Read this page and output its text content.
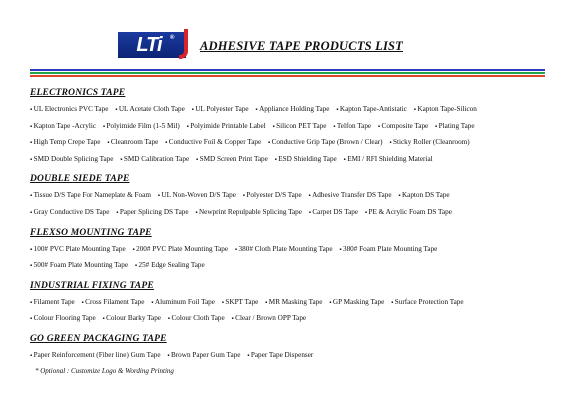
LTi ®
ADHESIVE TAPE PRODUCTS LIST
ELECTRONICS TAPE
▪ UL Electronics PVC Tape ▪ UL Acetate Cloth Tape ▪ UL Polyester Tape ▪ Appliance Holding Tape ▪ Kapton Tape-Antistatic ▪ Kapton Tape-Silicon
▪ Kapton Tape -Acrylic ▪ Polyimide Film (1-5 Mil) ▪ Polyimide Printable Label ▪ Silicon PET Tape ▪ Telfon Tape ▪ Composite Tape ▪ Plating Tape
▪ High Temp Crepe Tape ▪ Cleanroom Tape ▪ Conductive Foil & Copper Tape ▪ Conductive Grip Tape (Brown / Clear) ▪ Sticky Roller (Cleanroom)
▪ SMD Double Splicing Tape ▪ SMD Calibration Tape ▪ SMD Screen Print Tape ▪ ESD Shielding Tape ▪ EMI / RFI Shielding Material
DOUBLE SIEDE TAPE
▪ Tissue D/S Tape For Nameplate & Foam ▪ UL Non-Woven D/S Tape ▪ Polyester D/S Tape ▪ Adhesive Transfer DS Tape ▪ Kapton DS Tape
▪ Gray Conductive DS Tape ▪ Paper Splicing DS Tape ▪ Newprint Repulpable Splicing Tape ▪ Carpet DS Tape ▪ PE & Acrylic Foam DS Tape
FLEXSO MOUNTING TAPE
▪ 100# PVC Plate Mounting Tape ▪ 200# PVC Plate Mounting Tape ▪ 380# Cloth Plate Mounting Tape ▪ 380# Foam Plate Mounting Tape
▪ 500# Foam Plate Mounting Tape ▪ 25# Edge Sealing Tape
INDUSTRIAL FIXING TAPE
▪ Filament Tape ▪ Cross Filament Tape ▪ Aluminum Foil Tape ▪ SKPT Tape ▪ MR Masking Tape ▪ GP Masking Tape ▪ Surface Protection Tape
▪ Colour Flooring Tape ▪ Colour Barky Tape ▪ Colour Cloth Tape ▪ Clear / Brown OPP Tape
GO GREEN PACKAGING TAPE
▪ Paper Reinforcement (Fiber line) Gum Tape ▪ Brown Paper Gum Tape ▪ Paper Tape Dispenser
* Optional : Customize Logo & Wording Printing
